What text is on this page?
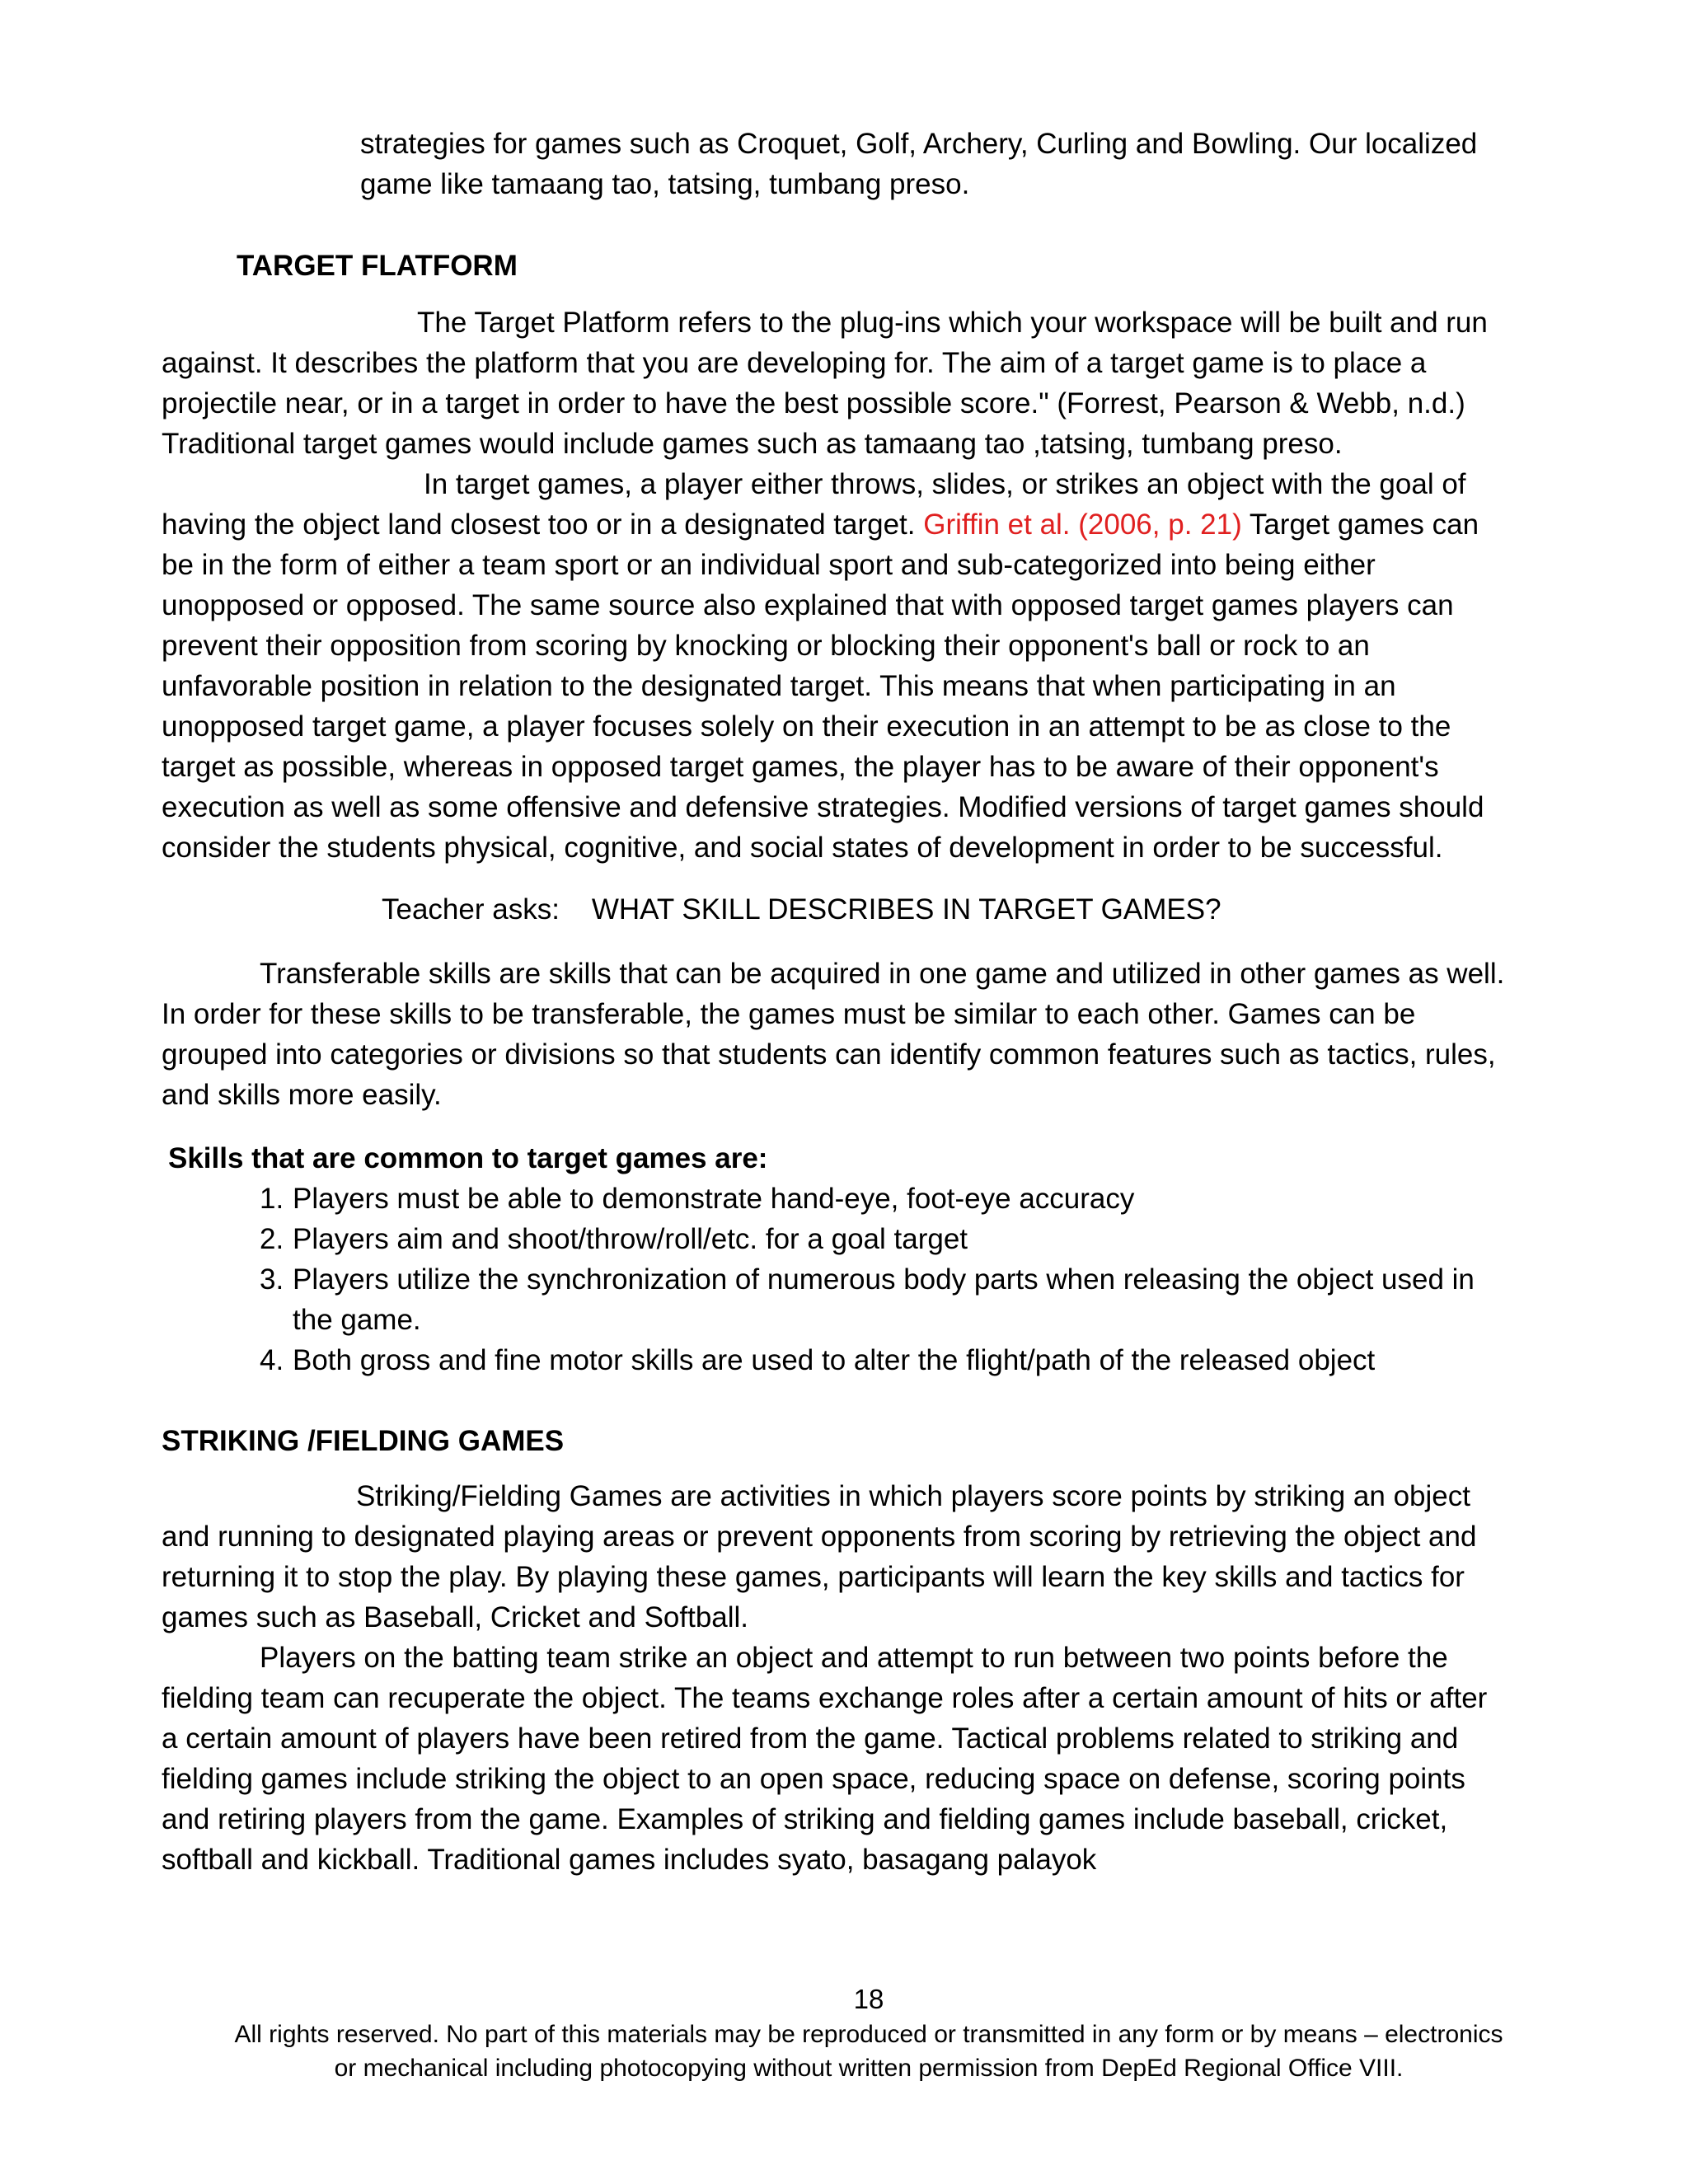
strategies for games such as Croquet, Golf, Archery, Curling and Bowling. Our localized

game like tamaang tao, tatsing, tumbang preso.

TARGET FLATFORM

The Target Platform refers to the plug-ins which your workspace will be built and run
against. It describes the platform that you are developing for. The aim of a target game is to place a
projectile near, or in a target in order to have the best possible score." (Forrest, Pearson & Webb, n.d.)
Traditional target games would include games such as tamaang tao ,tatsing, tumbang preso.

In target games, a player either throws, slides, or strikes an object with the goal of
having the object land closest too or in a designated target. Griffin et al. (2006, p. 21) Target games can
be in the form of either a team sport or an individual sport and sub-categorized into being either
unopposed or opposed. The same source also explained that with opposed target games players can
prevent their opposition from scoring by knocking or blocking their opponent's ball or rock to an
unfavorable position in relation to the designated target. This means that when participating in an
unopposed target game, a player focuses solely on their execution in an attempt to be as close to the
target as possible, whereas in opposed target games, the player has to be aware of their opponent's
execution as well as some offensive and defensive strategies. Modified versions of target games should
consider the students physical, cognitive, and social states of development in order to be successful.

Teacher asks:    WHAT SKILL DESCRIBES IN TARGET GAMES?

Transferable skills are skills that can be acquired in one game and utilized in other games as well.
In order for these skills to be transferable, the games must be similar to each other. Games can be
grouped into categories or divisions so that students can identify common features such as tactics, rules,
and skills more easily.

Skills that are common to target games are:

1. Players must be able to demonstrate hand-eye, foot-eye accuracy
2. Players aim and shoot/throw/roll/etc. for a goal target
3. Players utilize the synchronization of numerous body parts when releasing the object used in
the game.
4. Both gross and fine motor skills are used to alter the flight/path of the released object

STRIKING /FIELDING GAMES

Striking/Fielding Games are activities in which players score points by striking an object
and running to designated playing areas or prevent opponents from scoring by retrieving the object and
returning it to stop the play. By playing these games, participants will learn the key skills and tactics for
games such as Baseball, Cricket and Softball.

Players on the batting team strike an object and attempt to run between two points before the
fielding team can recuperate the object. The teams exchange roles after a certain amount of hits or after
a certain amount of players have been retired from the game. Tactical problems related to striking and
fielding games include striking the object to an open space, reducing space on defense, scoring points
and retiring players from the game. Examples of striking and fielding games include baseball, cricket,
softball and kickball. Traditional games includes syato, basagang palayok

18
All rights reserved. No part of this materials may be reproduced or transmitted in any form or by means – electronics
or mechanical including photocopying without written permission from DepEd Regional Office VIII.
